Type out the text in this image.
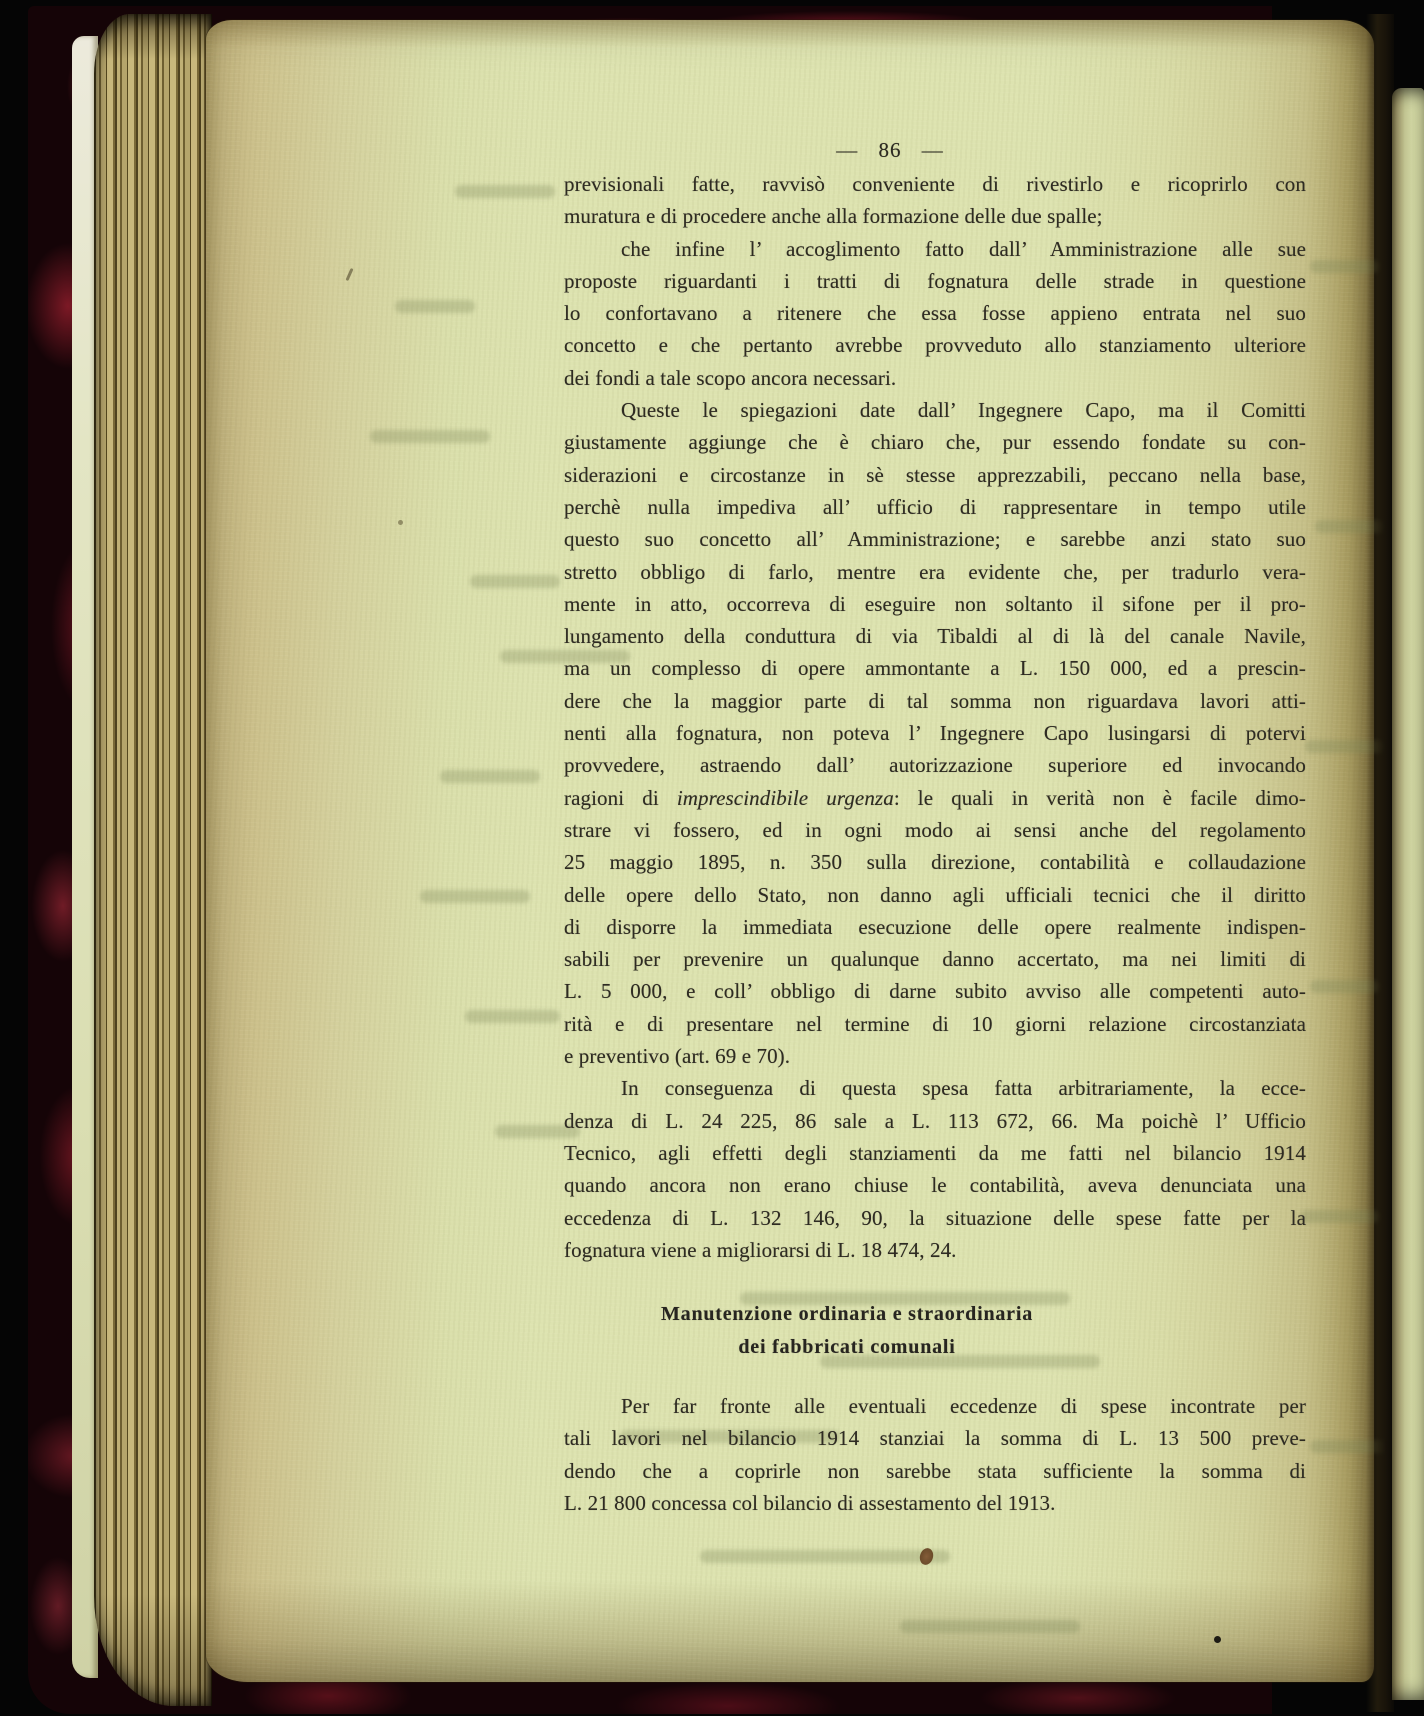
— 86 —
previsionali fatte, ravvisò conveniente di rivestirlo e ricoprirlo con
muratura e di procedere anche alla formazione delle due spalle;
che infine l’ accoglimento fatto dall’ Amministrazione alle sue
proposte riguardanti i tratti di fognatura delle strade in questione
lo confortavano a ritenere che essa fosse appieno entrata nel suo
concetto e che pertanto avrebbe provveduto allo stanziamento ulteriore
dei fondi a tale scopo ancora necessari.
Queste le spiegazioni date dall’ Ingegnere Capo, ma il Comitti
giustamente aggiunge che è chiaro che, pur essendo fondate su con-
siderazioni e circostanze in sè stesse apprezzabili, peccano nella base,
perchè nulla impediva all’ ufficio di rappresentare in tempo utile
questo suo concetto all’ Amministrazione; e sarebbe anzi stato suo
stretto obbligo di farlo, mentre era evidente che, per tradurlo vera-
mente in atto, occorreva di eseguire non soltanto il sifone per il pro-
lungamento della conduttura di via Tibaldi al di là del canale Navile,
ma un complesso di opere ammontante a L. 150 000, ed a prescin-
dere che la maggior parte di tal somma non riguardava lavori atti-
nenti alla fognatura, non poteva l’ Ingegnere Capo lusingarsi di potervi
provvedere, astraendo dall’ autorizzazione superiore ed invocando
ragioni di imprescindibile urgenza: le quali in verità non è facile dimo-
strare vi fossero, ed in ogni modo ai sensi anche del regolamento
25 maggio 1895, n. 350 sulla direzione, contabilità e collaudazione
delle opere dello Stato, non danno agli ufficiali tecnici che il diritto
di disporre la immediata esecuzione delle opere realmente indispen-
sabili per prevenire un qualunque danno accertato, ma nei limiti di
L. 5 000, e coll’ obbligo di darne subito avviso alle competenti auto-
rità e di presentare nel termine di 10 giorni relazione circostanziata
e preventivo (art. 69 e 70).
In conseguenza di questa spesa fatta arbitrariamente, la ecce-
denza di L. 24 225, 86 sale a L. 113 672, 66. Ma poichè l’ Ufficio
Tecnico, agli effetti degli stanziamenti da me fatti nel bilancio 1914
quando ancora non erano chiuse le contabilità, aveva denunciata una
eccedenza di L. 132 146, 90, la situazione delle spese fatte per la
fognatura viene a migliorarsi di L. 18 474, 24.
Manutenzione ordinaria e straordinaria
dei fabbricati comunali
Per far fronte alle eventuali eccedenze di spese incontrate per
tali lavori nel bilancio 1914 stanziai la somma di L. 13 500 preve-
dendo che a coprirle non sarebbe stata sufficiente la somma di
L. 21 800 concessa col bilancio di assestamento del 1913.
